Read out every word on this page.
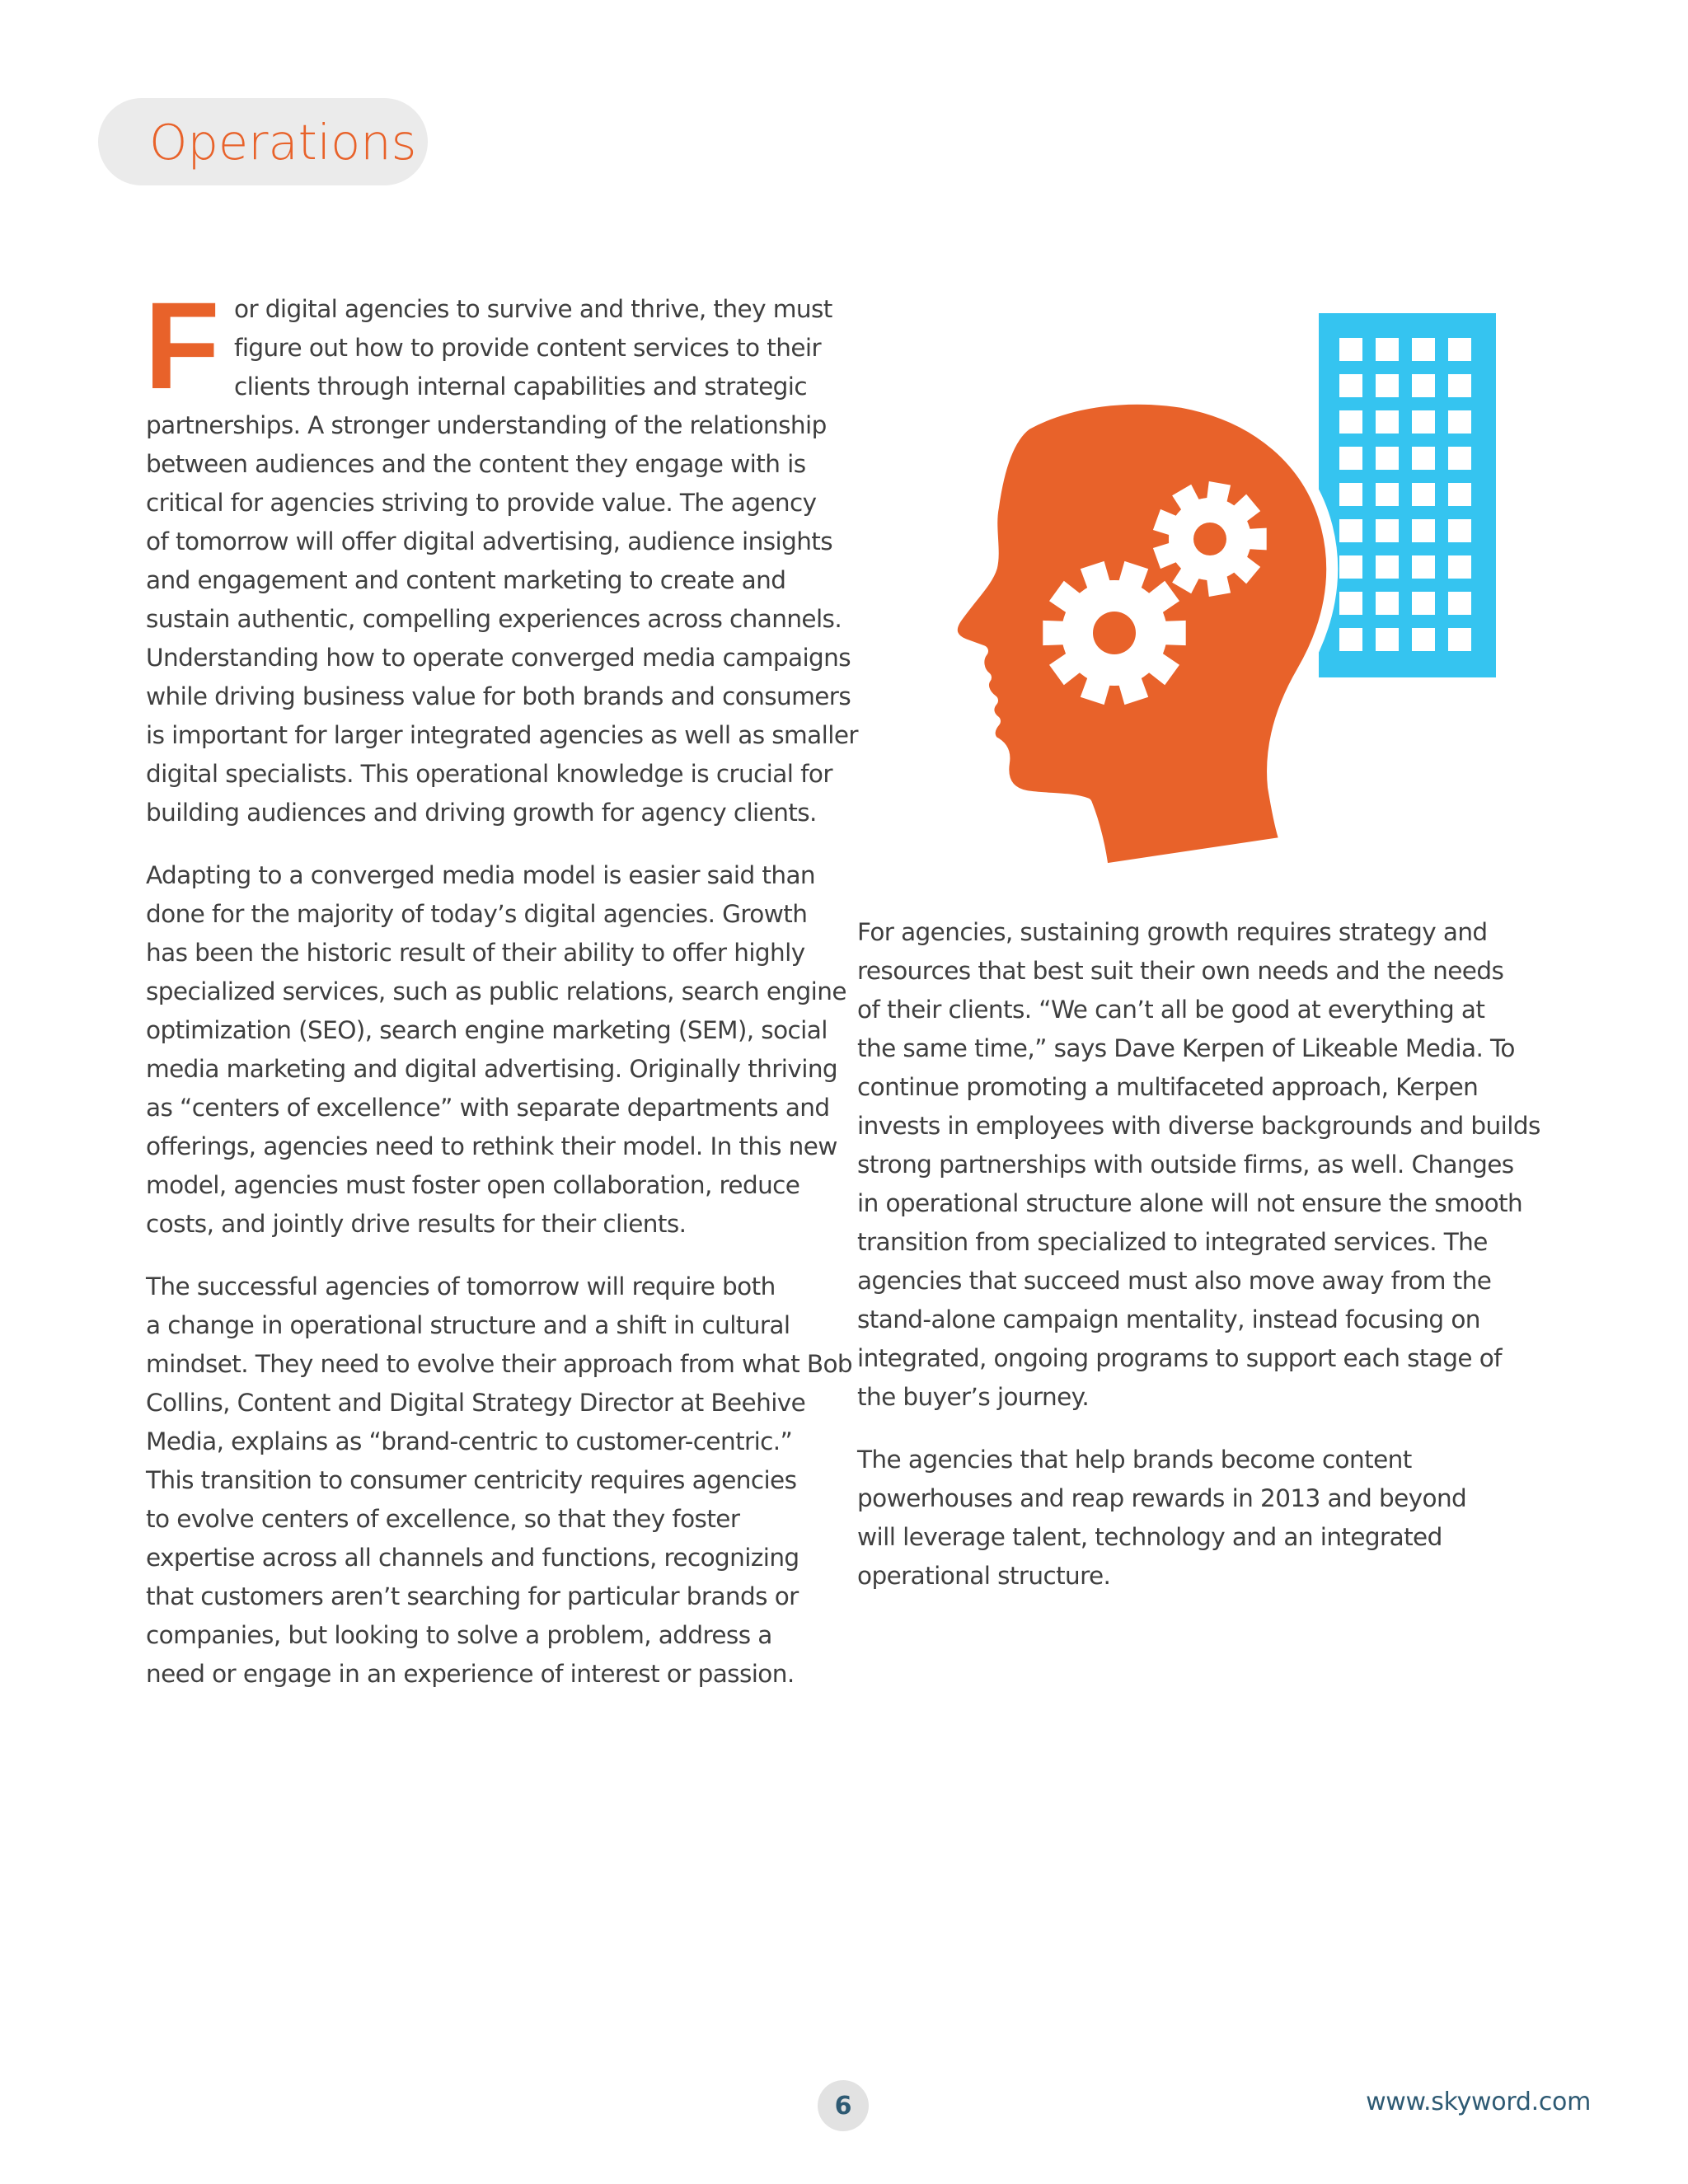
Operations
F or digital agencies to survive and thrive, they must
figure out how to provide content services to their
clients through internal capabilities and strategic
partnerships. A stronger understanding of the relationship
between audiences and the content they engage with is
critical for agencies striving to provide value. The agency
of tomorrow will offer digital advertising, audience insights
and engagement and content marketing to create and
sustain authentic, compelling experiences across channels.
Understanding how to operate converged media campaigns
while driving business value for both brands and consumers
is important for larger integrated agencies as well as smaller
digital specialists. This operational knowledge is crucial for
building audiences and driving growth for agency clients.
Adapting to a converged media model is easier said than
done for the majority of today’s digital agencies. Growth
has been the historic result of their ability to offer highly
specialized services, such as public relations, search engine
optimization (SEO), search engine marketing (SEM), social
media marketing and digital advertising. Originally thriving
as “centers of excellence” with separate departments and
offerings, agencies need to rethink their model. In this new
model, agencies must foster open collaboration, reduce
costs, and jointly drive results for their clients.
The successful agencies of tomorrow will require both
a change in operational structure and a shift in cultural
mindset. They need to evolve their approach from what Bob
Collins, Content and Digital Strategy Director at Beehive
Media, explains as “brand-centric to customer-centric.”
This transition to consumer centricity requires agencies
to evolve centers of excellence, so that they foster
expertise across all channels and functions, recognizing
that customers aren’t searching for particular brands or
companies, but looking to solve a problem, address a
need or engage in an experience of interest or passion.
For agencies, sustaining growth requires strategy and
resources that best suit their own needs and the needs
of their clients. “We can’t all be good at everything at
the same time,” says Dave Kerpen of Likeable Media. To
continue promoting a multifaceted approach, Kerpen
invests in employees with diverse backgrounds and builds
strong partnerships with outside firms, as well. Changes
in operational structure alone will not ensure the smooth
transition from specialized to integrated services. The
agencies that succeed must also move away from the
stand-alone campaign mentality, instead focusing on
integrated, ongoing programs to support each stage of
the buyer’s journey.
The agencies that help brands become content
powerhouses and reap rewards in 2013 and beyond
will leverage talent, technology and an integrated
operational structure.
6	www.skyword.com
